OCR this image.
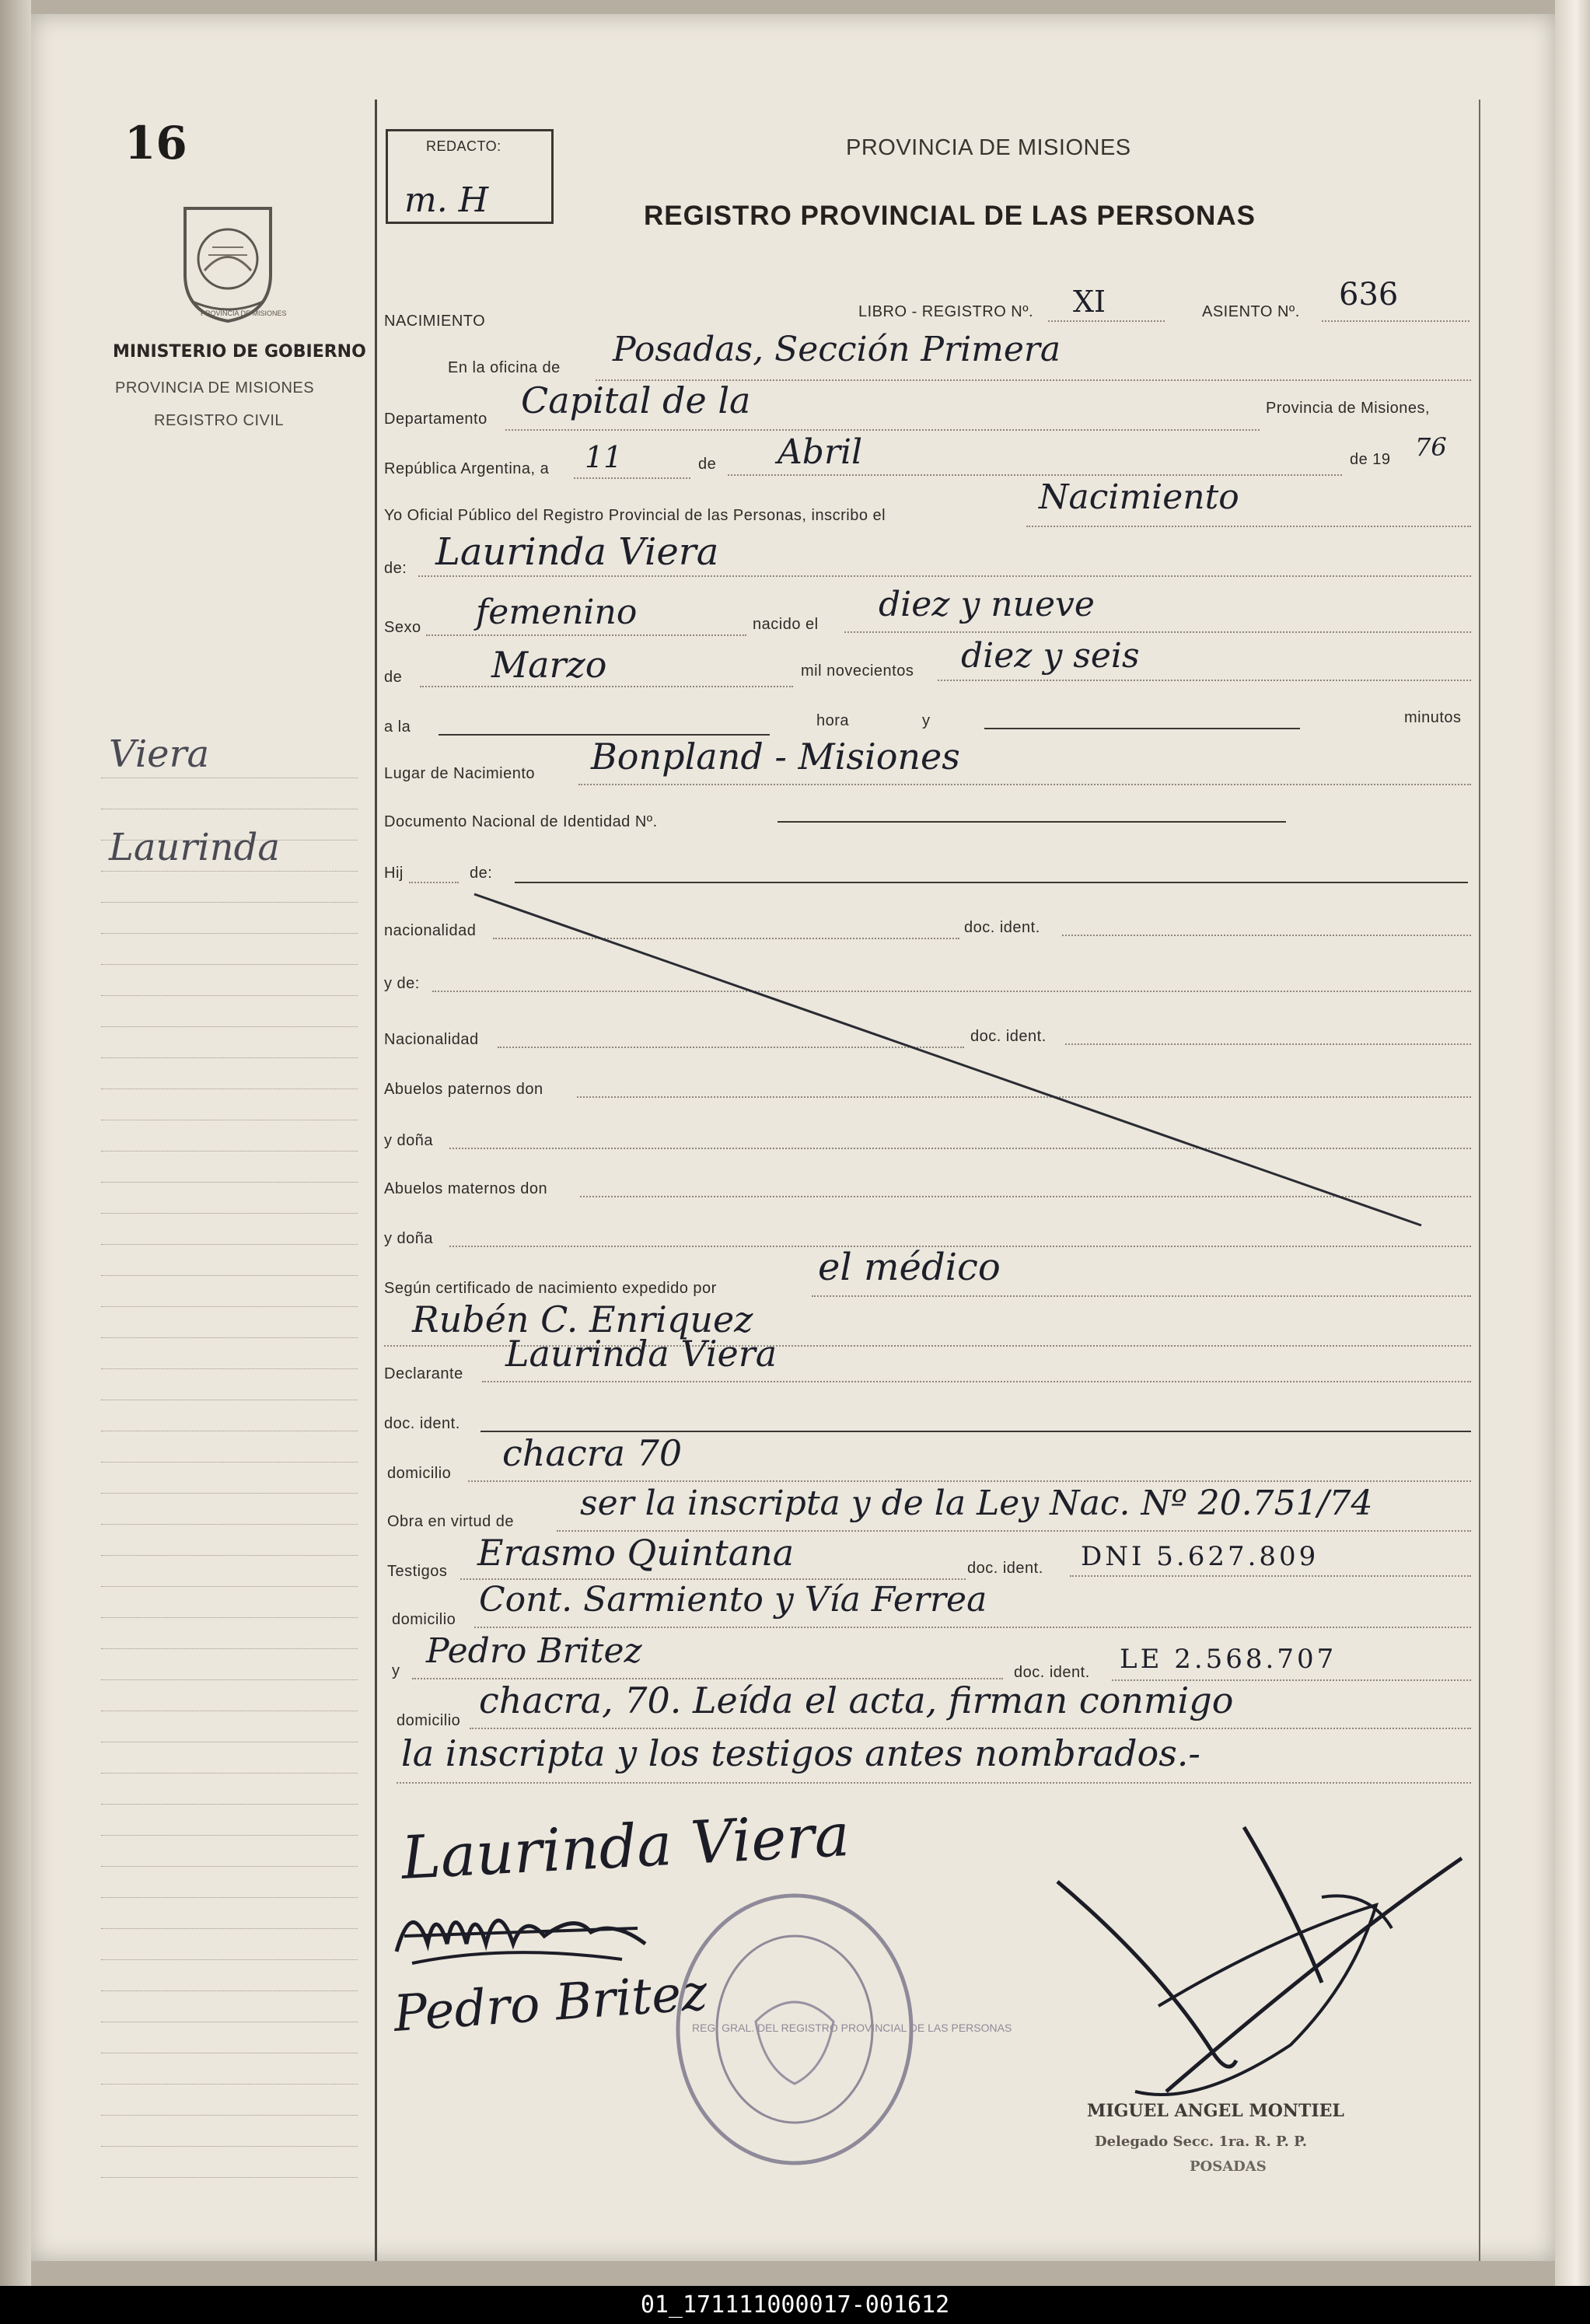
16
PROVINCIA DE MISIONES
MINISTERIO DE GOBIERNO
PROVINCIA DE MISIONES
REGISTRO CIVIL
Viera
Laurinda
REDACTO:
m. H
PROVINCIA DE MISIONES
REGISTRO PROVINCIAL DE LAS PERSONAS
NACIMIENTO
LIBRO - REGISTRO Nº. XI	ASIENTO Nº. 636
En la oficina de Posadas, Sección Primera
Departamento Capital de la	Provincia de Misiones,
República Argentina, a 11	de Abril	de 19 76
Yo Oficial Público del Registro Provincial de las Personas, inscribo el	Nacimiento
de: Laurinda Viera
Sexo femenino	nacido el diez y nueve
de Marzo	mil novecientos diez y seis
a la	hora	y	minutos
Lugar de Nacimiento Bonpland - Misiones
Documento Nacional de Identidad Nº.
Hij	de:
nacionalidad	doc. ident.
y de:
Nacionalidad	doc. ident.
Abuelos paternos don
y doña
Abuelos maternos don
y doña
Según certificado de nacimiento expedido por	el médico
Rubén C. Enriquez
Declarante Laurinda Viera
doc. ident.
domicilio chacra 70
Obra en virtud de ser la inscripta y de la Ley Nac. Nº 20.751/74
Testigos Erasmo Quintana	doc. ident. DNI 5.627.809
domicilio Cont. Sarmiento y Vía Ferrea
y Pedro Britez
doc. ident. LE 2.568.707
domicilio chacra, 70. Leída el acta, firman conmigo
la inscripta y los testigos antes nombrados.-
Laurinda Viera
Pedro Britez
REG. GRAL. DEL REGISTRO PROVINCIAL DE LAS PERSONAS
MIGUEL ANGEL MONTIEL
Delegado Secc. 1ra. R. P. P.
POSADAS
01_171111000017-001612
